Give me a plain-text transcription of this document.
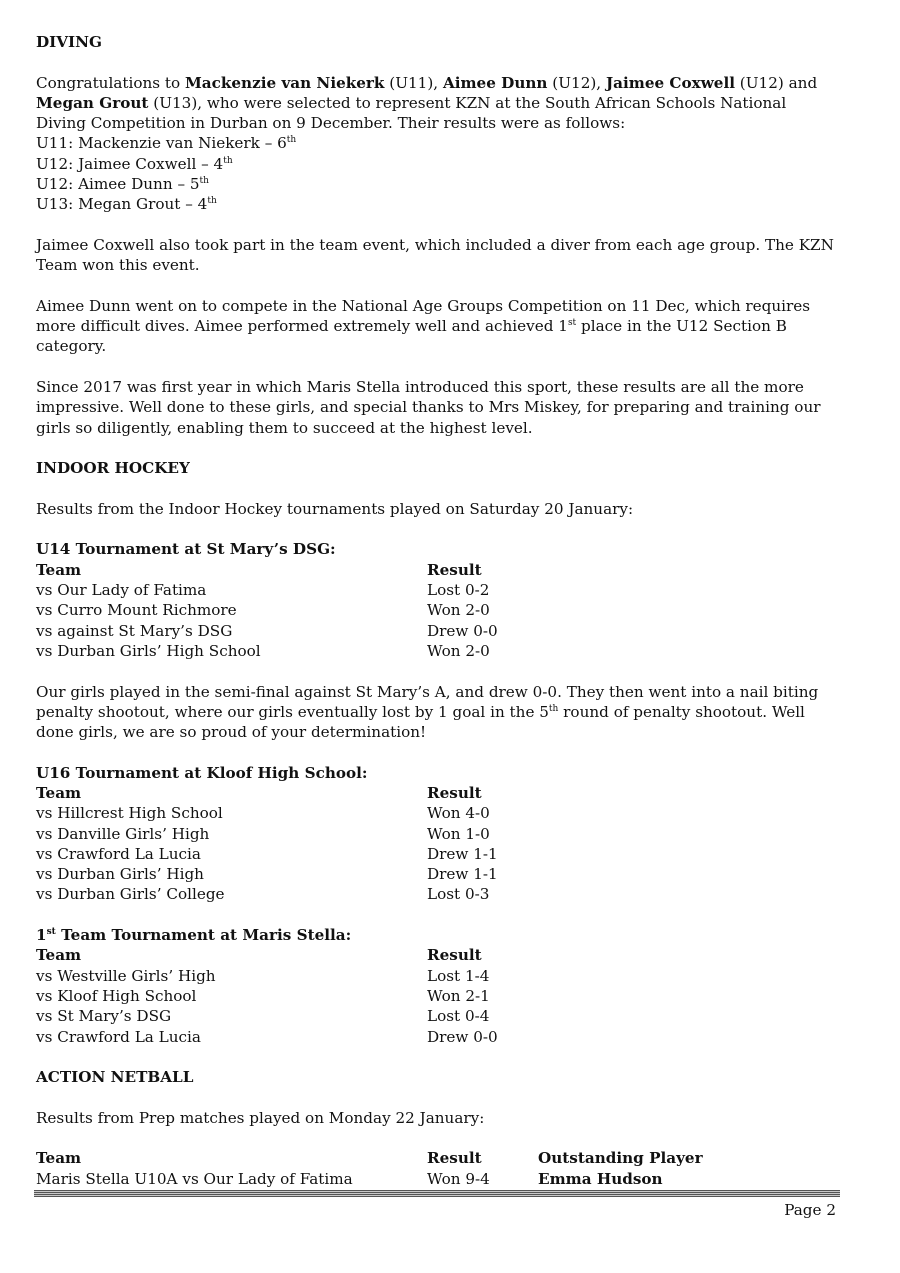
DIVING

Congratulations to Mackenzie van Niekerk (U11), Aimee Dunn (U12), Jaimee Coxwell (U12) and Megan Grout (U13), who were selected to represent KZN at the South African Schools National Diving Competition in Durban on 9 December. Their results were as follows:

U11: Mackenzie van Niekerk – 6th

U12: Jaimee Coxwell – 4th

U12: Aimee Dunn – 5th

U13: Megan Grout – 4th

Jaimee Coxwell also took part in the team event, which included a diver from each age group. The KZN Team won this event.

Aimee Dunn went on to compete in the National Age Groups Competition on 11 Dec, which requires more difficult dives. Aimee performed extremely well and achieved 1st place in the U12 Section B category.

Since 2017 was first year in which Maris Stella introduced this sport, these results are all the more impressive. Well done to these girls, and special thanks to Mrs Miskey, for preparing and training our girls so diligently, enabling them to succeed at the highest level.

INDOOR HOCKEY

Results from the Indoor Hockey tournaments played on Saturday 20 January:

U14 Tournament at St Mary’s DSG:

Team	Result
vs Our Lady of Fatima	Lost 0-2
vs Curro Mount Richmore	Won 2-0
vs against St Mary’s DSG	Drew 0-0
vs Durban Girls’ High School	Won 2-0

Our girls played in the semi-final against St Mary’s A, and drew 0-0. They then went into a nail biting penalty shootout, where our girls eventually lost by 1 goal in the 5th round of penalty shootout. Well done girls, we are so proud of your determination!

U16 Tournament at Kloof High School:

Team	Result
vs Hillcrest High School	Won 4-0
vs Danville Girls’ High	Won 1-0
vs Crawford La Lucia	Drew 1-1
vs Durban Girls’ High	Drew 1-1
vs Durban Girls’ College	Lost 0-3

1st Team Tournament at Maris Stella:

Team	Result
vs Westville Girls’ High	Lost 1-4
vs Kloof High School	Won 2-1
vs St Mary’s DSG	Lost 0-4
vs Crawford La Lucia	Drew 0-0

ACTION NETBALL

Results from Prep matches played on Monday 22 January:

Team	Result	Outstanding Player
Maris Stella U10A vs Our Lady of Fatima	Won 9-4	Emma Hudson
Page 2
